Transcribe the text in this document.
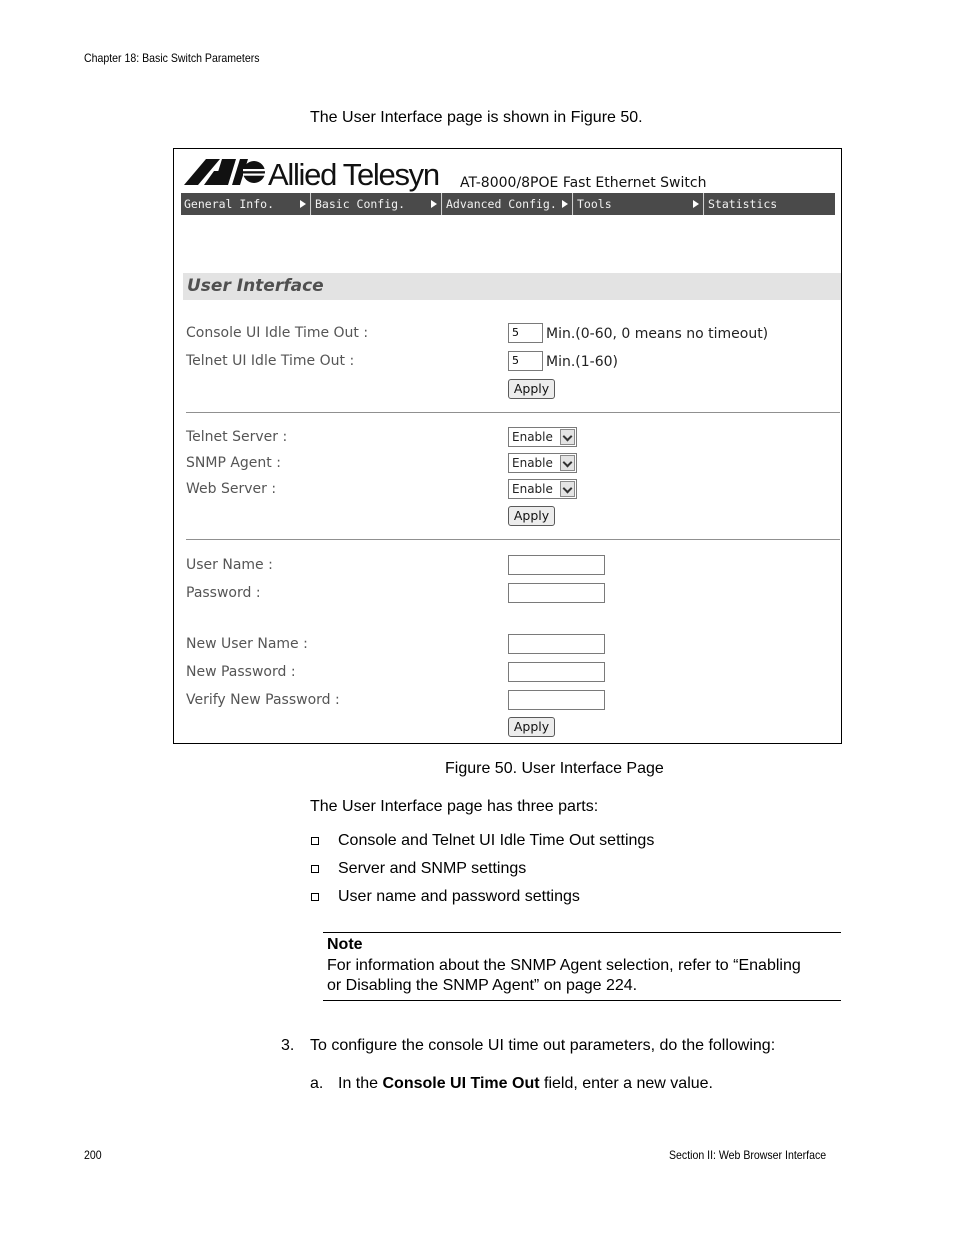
Chapter 18: Basic Switch Parameters
The User Interface page is shown in Figure 50.
Allied Telesyn AT-8000/8POE Fast Ethernet Switch
General Info.	Basic Config.	Advanced Config.	Tools	Statistics
User Interface
Console UI Idle Time Out :	5	Min.(0-60, 0 means no timeout)
Telnet UI Idle Time Out :	5	Min.(1-60)
Apply
Telnet Server :	Enable
SNMP Agent :	Enable
Web Server :	Enable
Apply
User Name :
Password :
New User Name :
New Password :
Verify New Password :
Apply
Figure 50. User Interface Page
The User Interface page has three parts:
Console and Telnet UI Idle Time Out settings
Server and SNMP settings
User name and password settings
Note
For information about the SNMP Agent selection, refer to “Enabling
or Disabling the SNMP Agent” on page 224.
3. To configure the console UI time out parameters, do the following:
a. In the Console UI Time Out field, enter a new value.
200	Section II: Web Browser Interface
